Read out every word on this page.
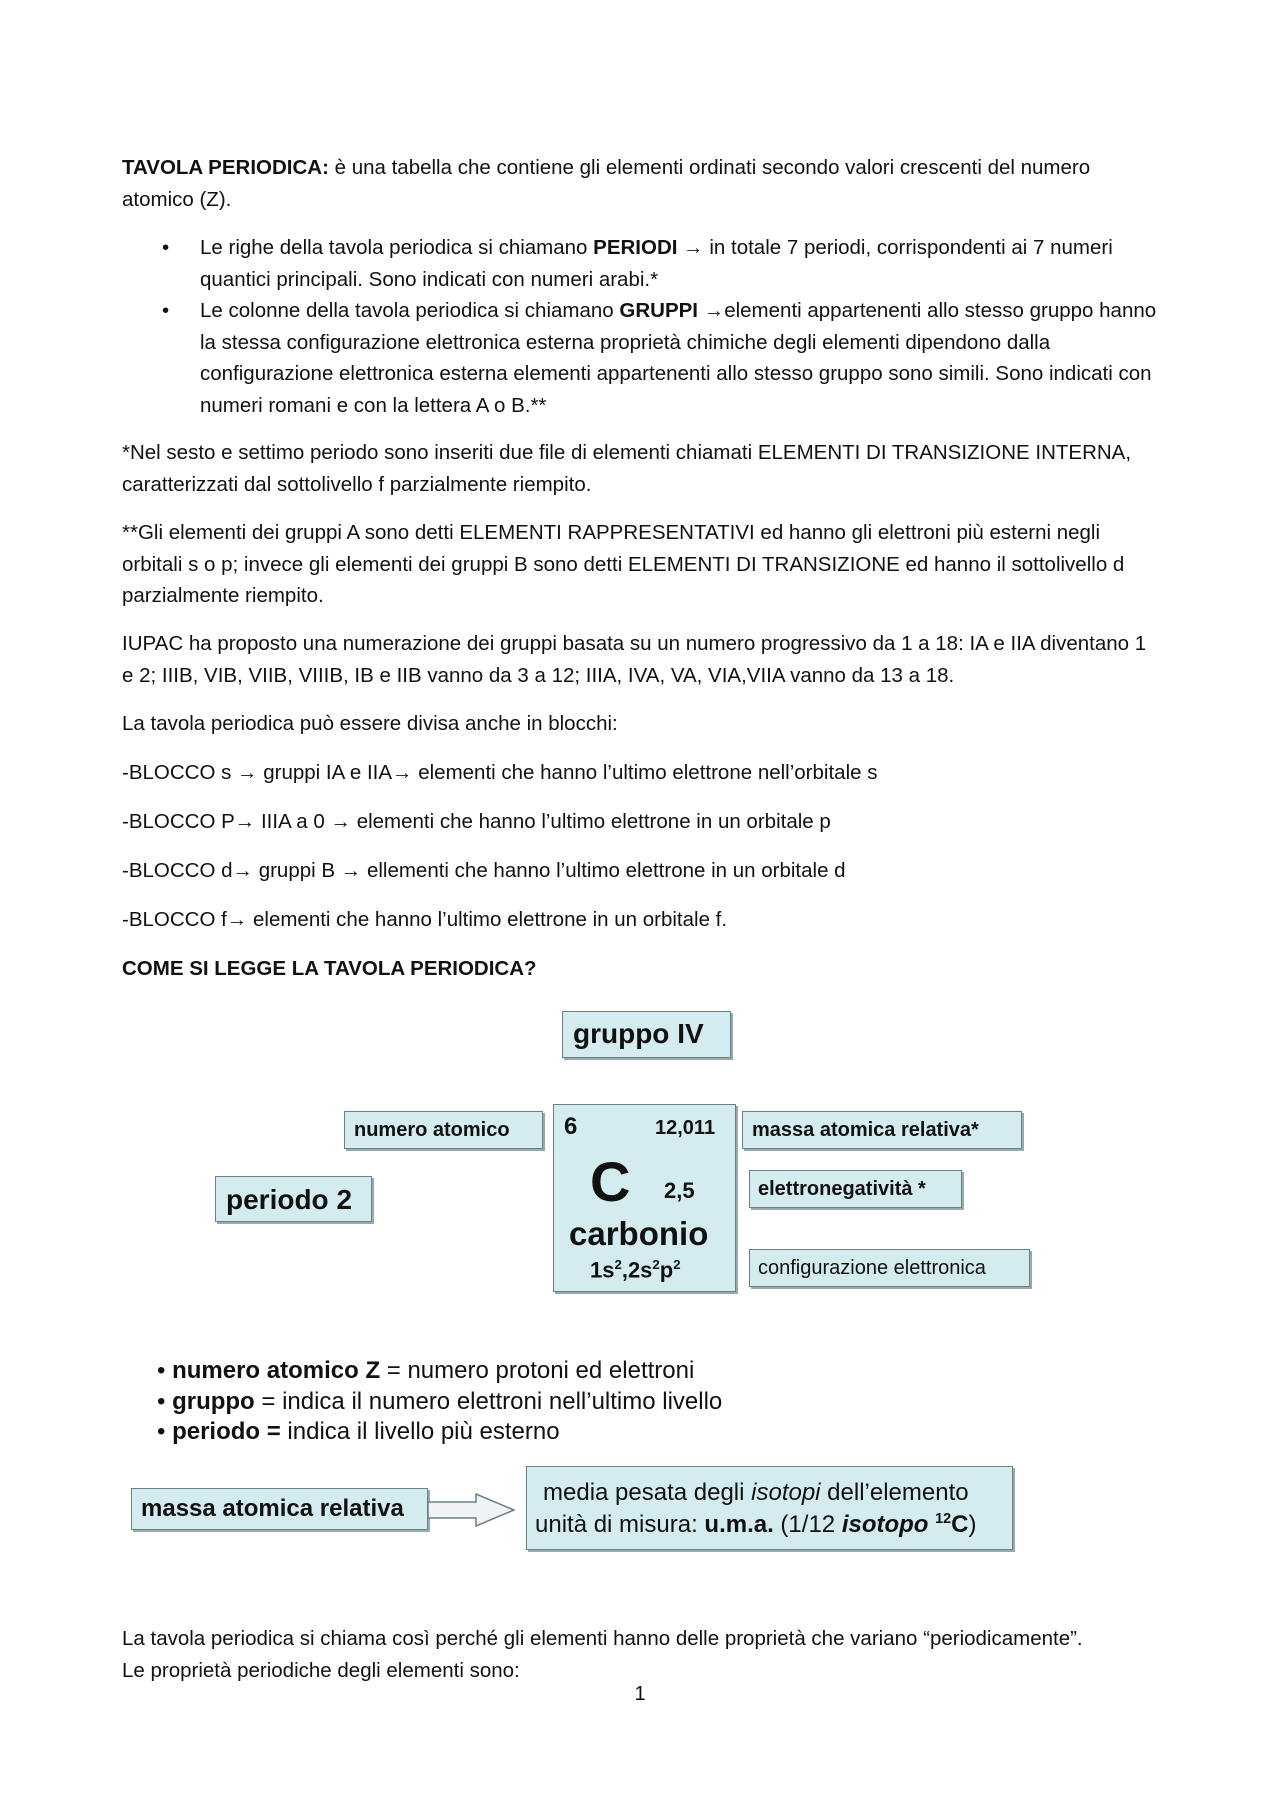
TAVOLA PERIODICA: è una tabella che contiene gli elementi ordinati secondo valori crescenti del numero atomico (Z).

• Le righe della tavola periodica si chiamano PERIODI → in totale 7 periodi, corrispondenti ai 7 numeri quantici principali. Sono indicati con numeri arabi.*
• Le colonne della tavola periodica si chiamano GRUPPI →elementi appartenenti allo stesso gruppo hanno la stessa configurazione elettronica esterna proprietà chimiche degli elementi dipendono dalla configurazione elettronica esterna elementi appartenenti allo stesso gruppo sono simili. Sono indicati con numeri romani e con la lettera A o B.**

*Nel sesto e settimo periodo sono inseriti due file di elementi chiamati ELEMENTI DI TRANSIZIONE INTERNA, caratterizzati dal sottolivello f parzialmente riempito.

**Gli elementi dei gruppi A sono detti ELEMENTI RAPPRESENTATIVI ed hanno gli elettroni più esterni negli orbitali s o p; invece gli elementi dei gruppi B sono detti ELEMENTI DI TRANSIZIONE ed hanno il sottolivello d parzialmente riempito.

IUPAC ha proposto una numerazione dei gruppi basata su un numero progressivo da 1 a 18: IA e IIA diventano 1 e 2; IIIB, VIB, VIIB, VIIIB, IB e IIB vanno da 3 a 12; IIIA, IVA, VA, VIA,VIIA vanno da 13 a 18.

La tavola periodica può essere divisa anche in blocchi:

-BLOCCO s → gruppi IA e IIA→ elementi che hanno l’ultimo elettrone nell’orbitale s

-BLOCCO P→ IIIA a 0 → elementi che hanno l’ultimo elettrone in un orbitale p

-BLOCCO d→ gruppi B → ellementi che hanno l’ultimo elettrone in un orbitale d

-BLOCCO f→ elementi che hanno l’ultimo elettrone in un orbitale f.

COME SI LEGGE LA TAVOLA PERIODICA?

gruppo IV
numero atomico
periodo 2
6	12,011
C 2,5
carbonio
$1s^2,2s^2p^2$
massa atomica relativa*
elettronegatività *
configurazione elettronica
• numero atomico Z = numero protoni ed elettroni
• gruppo = indica il numero elettroni nell’ultimo livello
• periodo = indica il livello più esterno
massa atomica relativa
media pesata degli isotopi dell’elemento
unità di misura: u.m.a. (1/12 isotopo $^{12}$C)

La tavola periodica si chiama così perché gli elementi hanno delle proprietà che variano “periodicamente”.

Le proprietà periodiche degli elementi sono:

1
